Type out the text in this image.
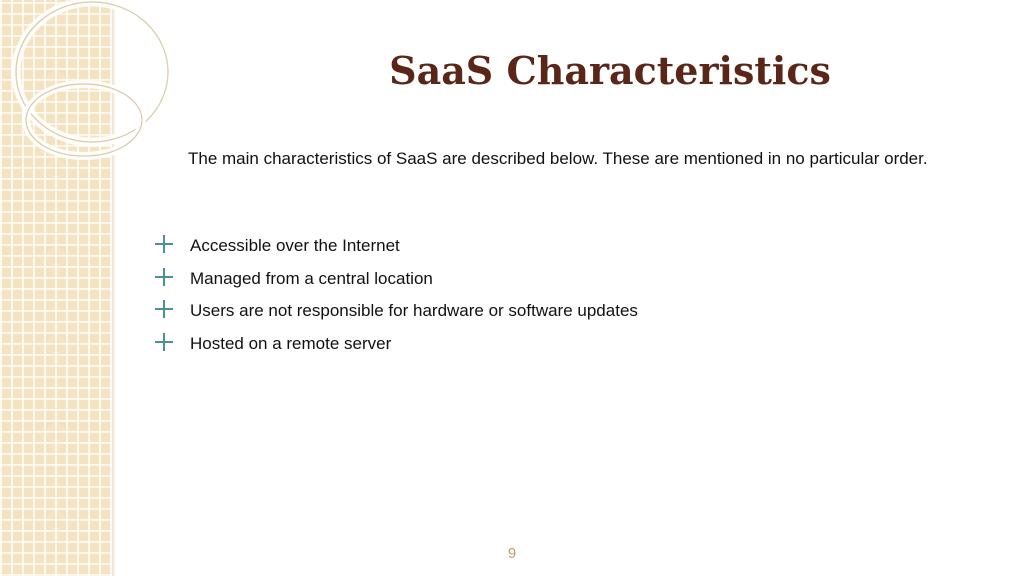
SaaS Characteristics

The main characteristics of SaaS are described below. These are mentioned in no particular order.

Accessible over the Internet
Managed from a central location
Users are not responsible for hardware or software updates
Hosted on a remote server
9
